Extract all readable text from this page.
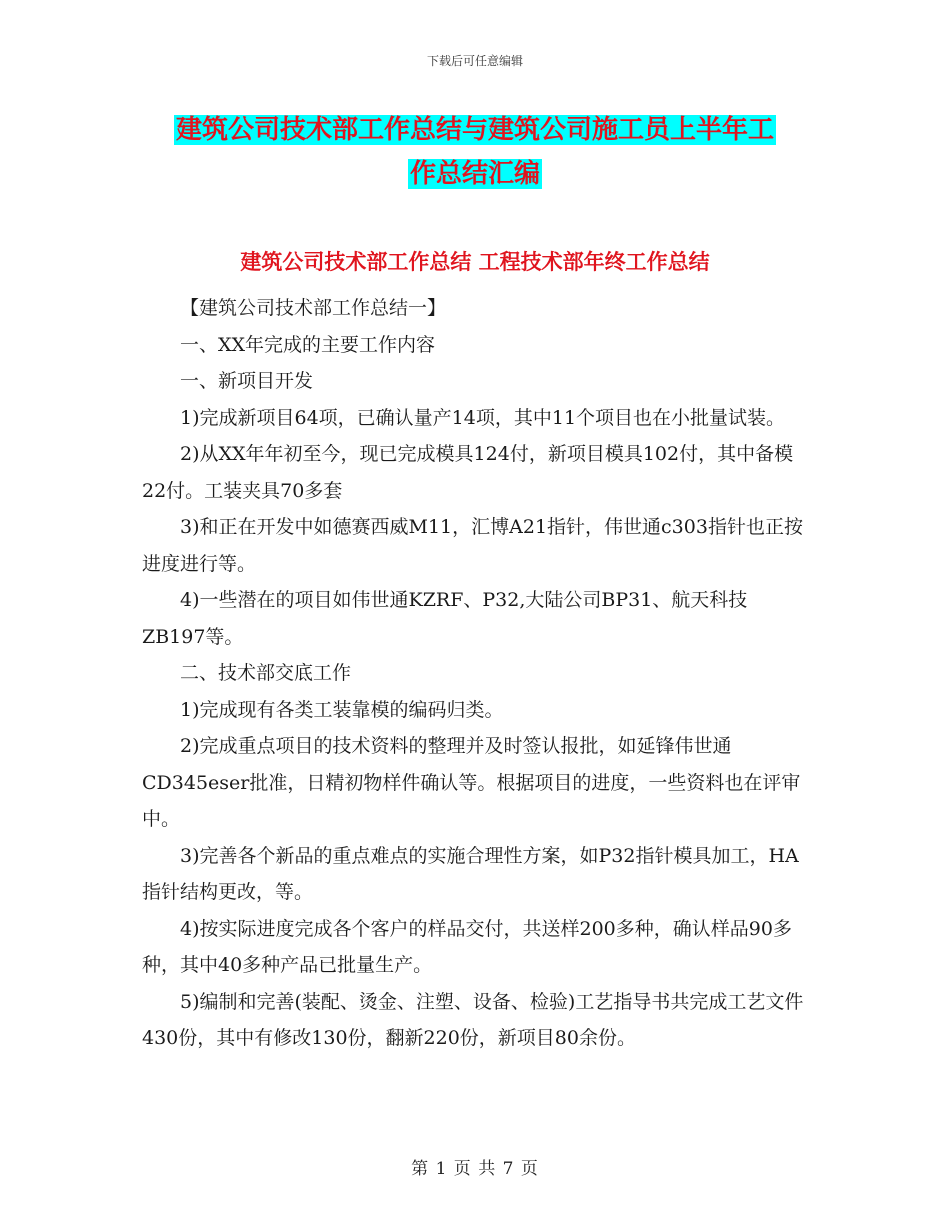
下载后可任意编辑
建筑公司技术部工作总结与建筑公司施工员上半年工
作总结汇编
建筑公司技术部工作总结 工程技术部年终工作总结

【建筑公司技术部工作总结一】

一、XX年完成的主要工作内容

一、新项目开发

1)完成新项目64项，已确认量产14项，其中11个项目也在小批量试装。

2)从XX年年初至今，现已完成模具124付，新项目模具102付，其中备模22付。工装夹具70多套

3)和正在开发中如德赛西威M11，汇博A21指针，伟世通c303指针也正按进度进行等。

4)一些潜在的项目如伟世通KZRF、P32,大陆公司BP31、航天科技ZB197等。

二、技术部交底工作

1)完成现有各类工装靠模的编码归类。

2)完成重点项目的技术资料的整理并及时签认报批，如延锋伟世通CD345eser批准，日精初物样件确认等。根据项目的进度，一些资料也在评审中。

3)完善各个新品的重点难点的实施合理性方案，如P32指针模具加工，HA指针结构更改，等。

4)按实际进度完成各个客户的样品交付，共送样200多种，确认样品90多种，其中40多种产品已批量生产。

5)编制和完善(装配、烫金、注塑、设备、检验)工艺指导书共完成工艺文件430份，其中有修改130份，翻新220份，新项目80余份。

第 1 页 共 7 页
